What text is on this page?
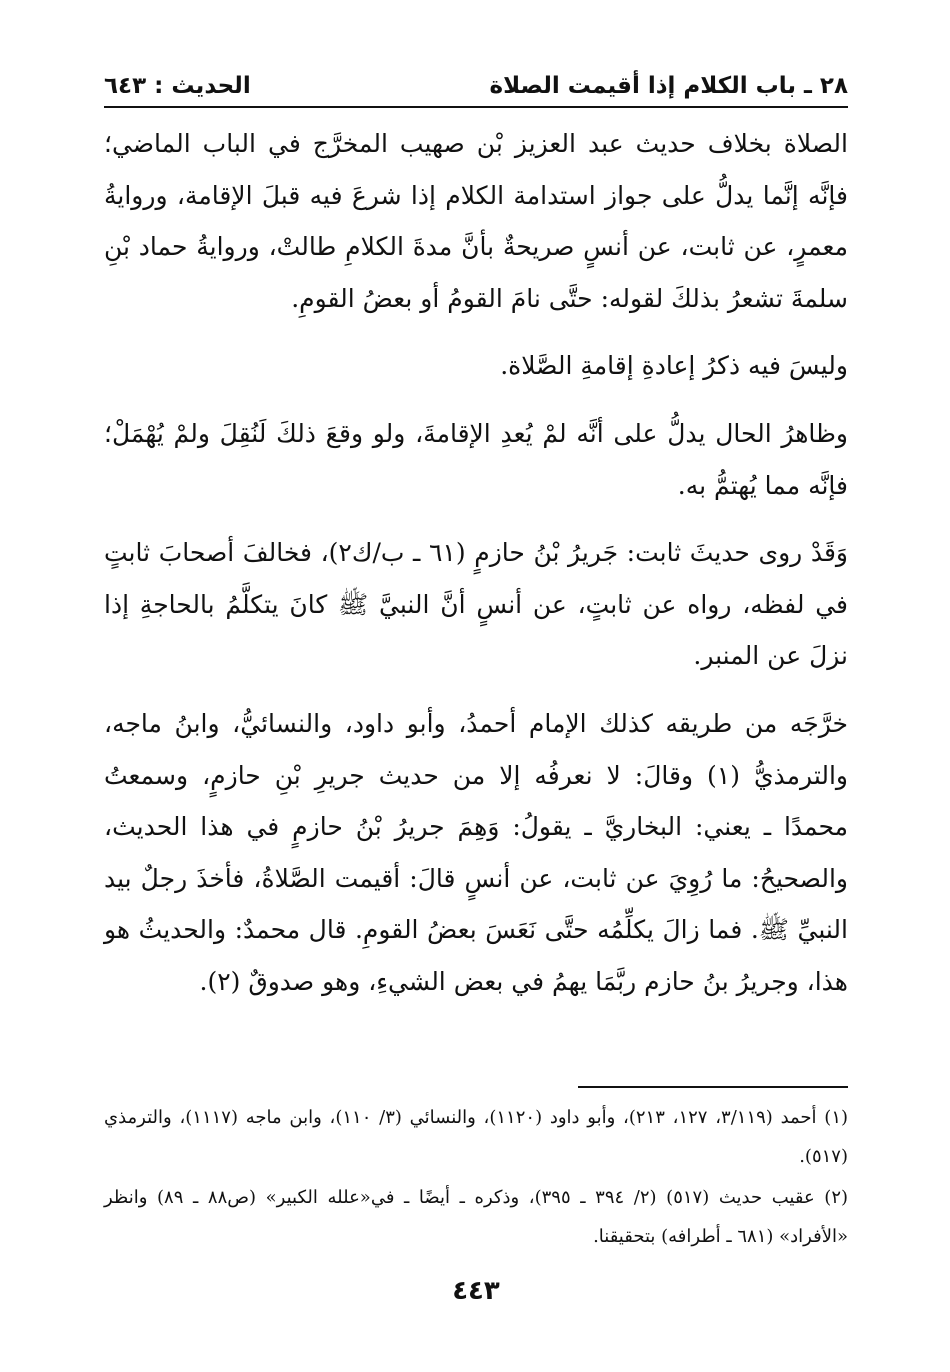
الحديث : ٦٤٣	٢٨ ـ باب الكلام إذا أقيمت الصلاة

الصلاة بخلاف حديث عبد العزيز بْن صهيب المخرَّج في الباب الماضي؛ فإنَّه إنَّما يدلُّ على جواز استدامة الكلام إذا شرعَ فيه قبلَ الإقامة، وروايةُ معمرٍ، عن ثابت، عن أنسٍ صريحةٌ بأنَّ مدةَ الكلامِ طالتْ، وروايةُ حماد بْنِ سلمةَ تشعرُ بذلكَ لقوله: حتَّى نامَ القومُ أو بعضُ القومِ.

وليسَ فيه ذكرُ إعادةِ إقامةِ الصَّلاة.

وظاهرُ الحال يدلُّ على أنَّه لمْ يُعدِ الإقامةَ، ولو وقعَ ذلكَ لَنُقِلَ ولمْ يُهْمَلْ؛ فإنَّه مما يُهتمُّ به.

وَقَدْ روى حديثَ ثابت: جَريرُ بْنُ حازمٍ (٦١ ـ ب/ك٢)، فخالفَ أصحابَ ثابتٍ في لفظه، رواه عن ثابتٍ، عن أنسٍ أنَّ النبيَّ ﷺ كانَ يتكلَّمُ بالحاجةِ إذا نزلَ عن المنبر.

خرَّجَه من طريقه كذلك الإمام أحمدُ، وأبو داود، والنسائيُّ، وابنُ ماجه، والترمذيُّ (١) وقالَ: لا نعرفُه إلا من حديث جريرِ بْنِ حازمٍ، وسمعتُ محمدًا ـ يعني: البخاريَّ ـ يقولُ: وَهِمَ جريرُ بْنُ حازمٍ في هذا الحديث، والصحيحُ: ما رُوِيَ عن ثابت، عن أنسٍ قالَ: أقيمت الصَّلاةُ، فأخذَ رجلٌ بيد النبيِّ ﷺ. فما زالَ يكلِّمُه حتَّى نَعَسَ بعضُ القومِ. قال محمدٌ: والحديثُ هو هذا، وجريرُ بنُ حازم ربَّمَا يهمُ في بعض الشيءِ، وهو صدوقٌ (٢).

(١) أحمد (٣/١١٩، ١٢٧، ٢١٣)، وأبو داود (١١٢٠)، والنسائي (٣/ ١١٠)، وابن ماجه (١١١٧)، والترمذي (٥١٧).

(٢) عقيب حديث (٥١٧) (٢/ ٣٩٤ ـ ٣٩٥)، وذكره ـ أيضًا ـ في«علله الكبير» (ص٨٨ ـ ٨٩) وانظر «الأفراد» (٦٨١ ـ أطرافه) بتحقيقنا.

٤٤٣
